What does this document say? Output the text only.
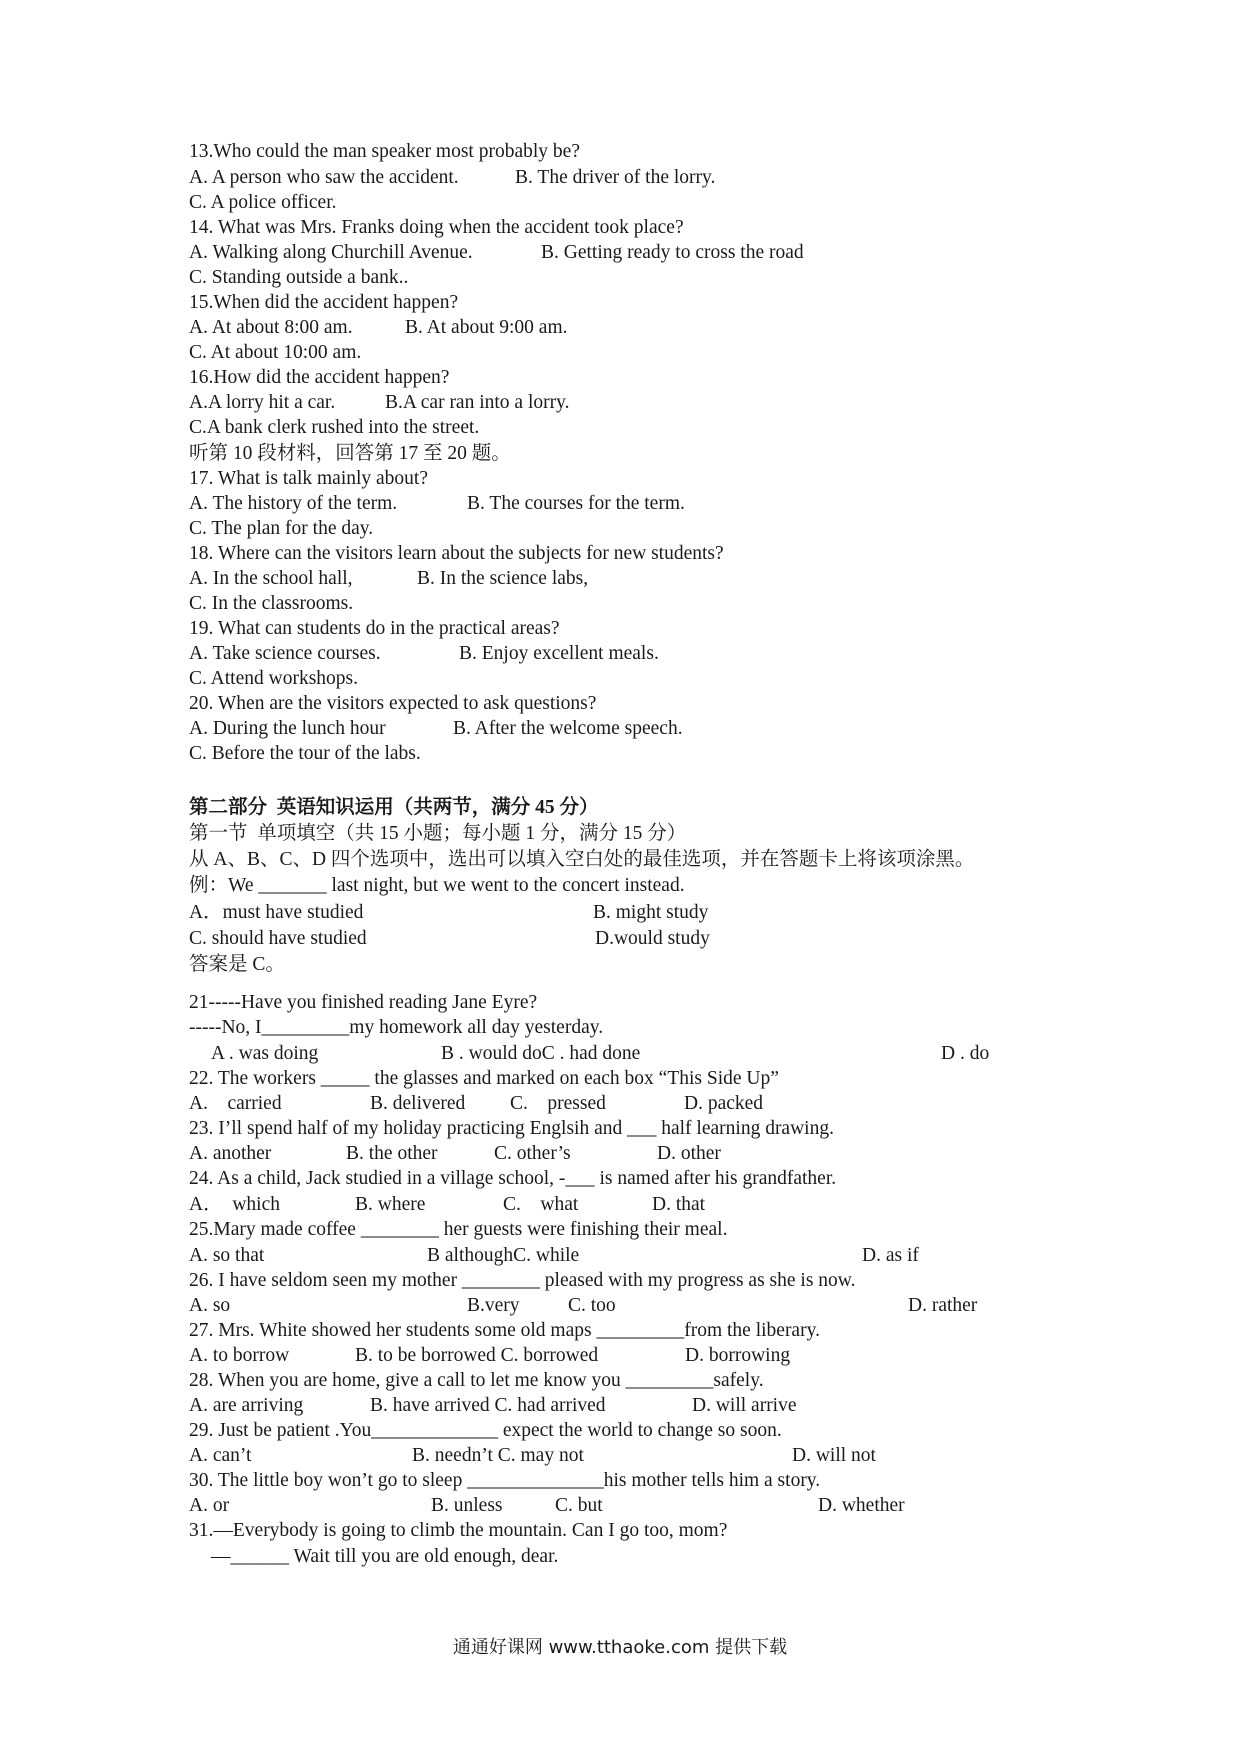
13.Who could the man speaker most probably be?
A. A person who saw the accident.	B. The driver of the lorry.
C. A police officer.
14. What was Mrs. Franks doing when the accident took place?
A. Walking along Churchill Avenue.	B. Getting ready to cross the road
C. Standing outside a bank..
15.When did the accident happen?
A. At about 8:00 am.	B. At about 9:00 am.
C. At about 10:00 am.
16.How did the accident happen?
A.A lorry hit a car.	B.A car ran into a lorry.
C.A bank clerk rushed into the street.
听第 10 段材料，回答第 17 至 20 题。
17. What is talk mainly about?
A. The history of the term.	B. The courses for the term.
C. The plan for the day.
18. Where can the visitors learn about the subjects for new students?
A. In the school hall,	B. In the science labs,
C. In the classrooms.
19. What can students do in the practical areas?
A. Take science courses.	B. Enjoy excellent meals.
C. Attend workshops.
20. When are the visitors expected to ask questions?
A. During the lunch hour	B. After the welcome speech.
C. Before the tour of the labs.
第二部分  英语知识运用（共两节，满分 45 分）
第一节  单项填空（共 15 小题；每小题 1 分，满分 15 分）
从 A、B、C、D 四个选项中，选出可以填入空白处的最佳选项，并在答题卡上将该项涂黑。
例：We _______ last night, but we went to the concert instead.
A．must have studied	B. might study
C. should have studied	D.would study
答案是 C。
21-----Have you finished reading Jane Eyre?
-----No, I_________my homework all day yesterday.
A . was doing	B . would doC . had done	D . do
22. The workers _____ the glasses and marked on each box “This Side Up”
A.    carried	B. delivered C.    pressed	D. packed
23. I’ll spend half of my holiday practicing Englsih and ___ half learning drawing.
A. another	B. the other	C. other’s	D. other
24. As a child, Jack studied in a village school, -___ is named after his grandfather.
A．  which	B. where	C.    what	D. that
25.Mary made coffee ________ her guests were finishing their meal.
A. so that	B althoughC. while	D. as if
26. I have seldom seen my mother ________ pleased with my progress as she is now.
A. so	B.very C. too	D. rather
27. Mrs. White showed her students some old maps _________from the liberary.
A. to borrow	B. to be borrowed C. borrowed	D. borrowing
28. When you are home, give a call to let me know you _________safely.
A. are arriving	B. have arrived C. had arrived	D. will arrive
29. Just be patient .You_____________ expect the world to change so soon.
A. can’t	B. needn’t C. may not	D. will not
30. The little boy won’t go to sleep ______________his mother tells him a story.
A. or	B. unless	C. but	D. whether
31.—Everybody is going to climb the mountain. Can I go too, mom?
—______ Wait till you are old enough, dear.
通通好课网 www.tthaoke.com 提供下载
